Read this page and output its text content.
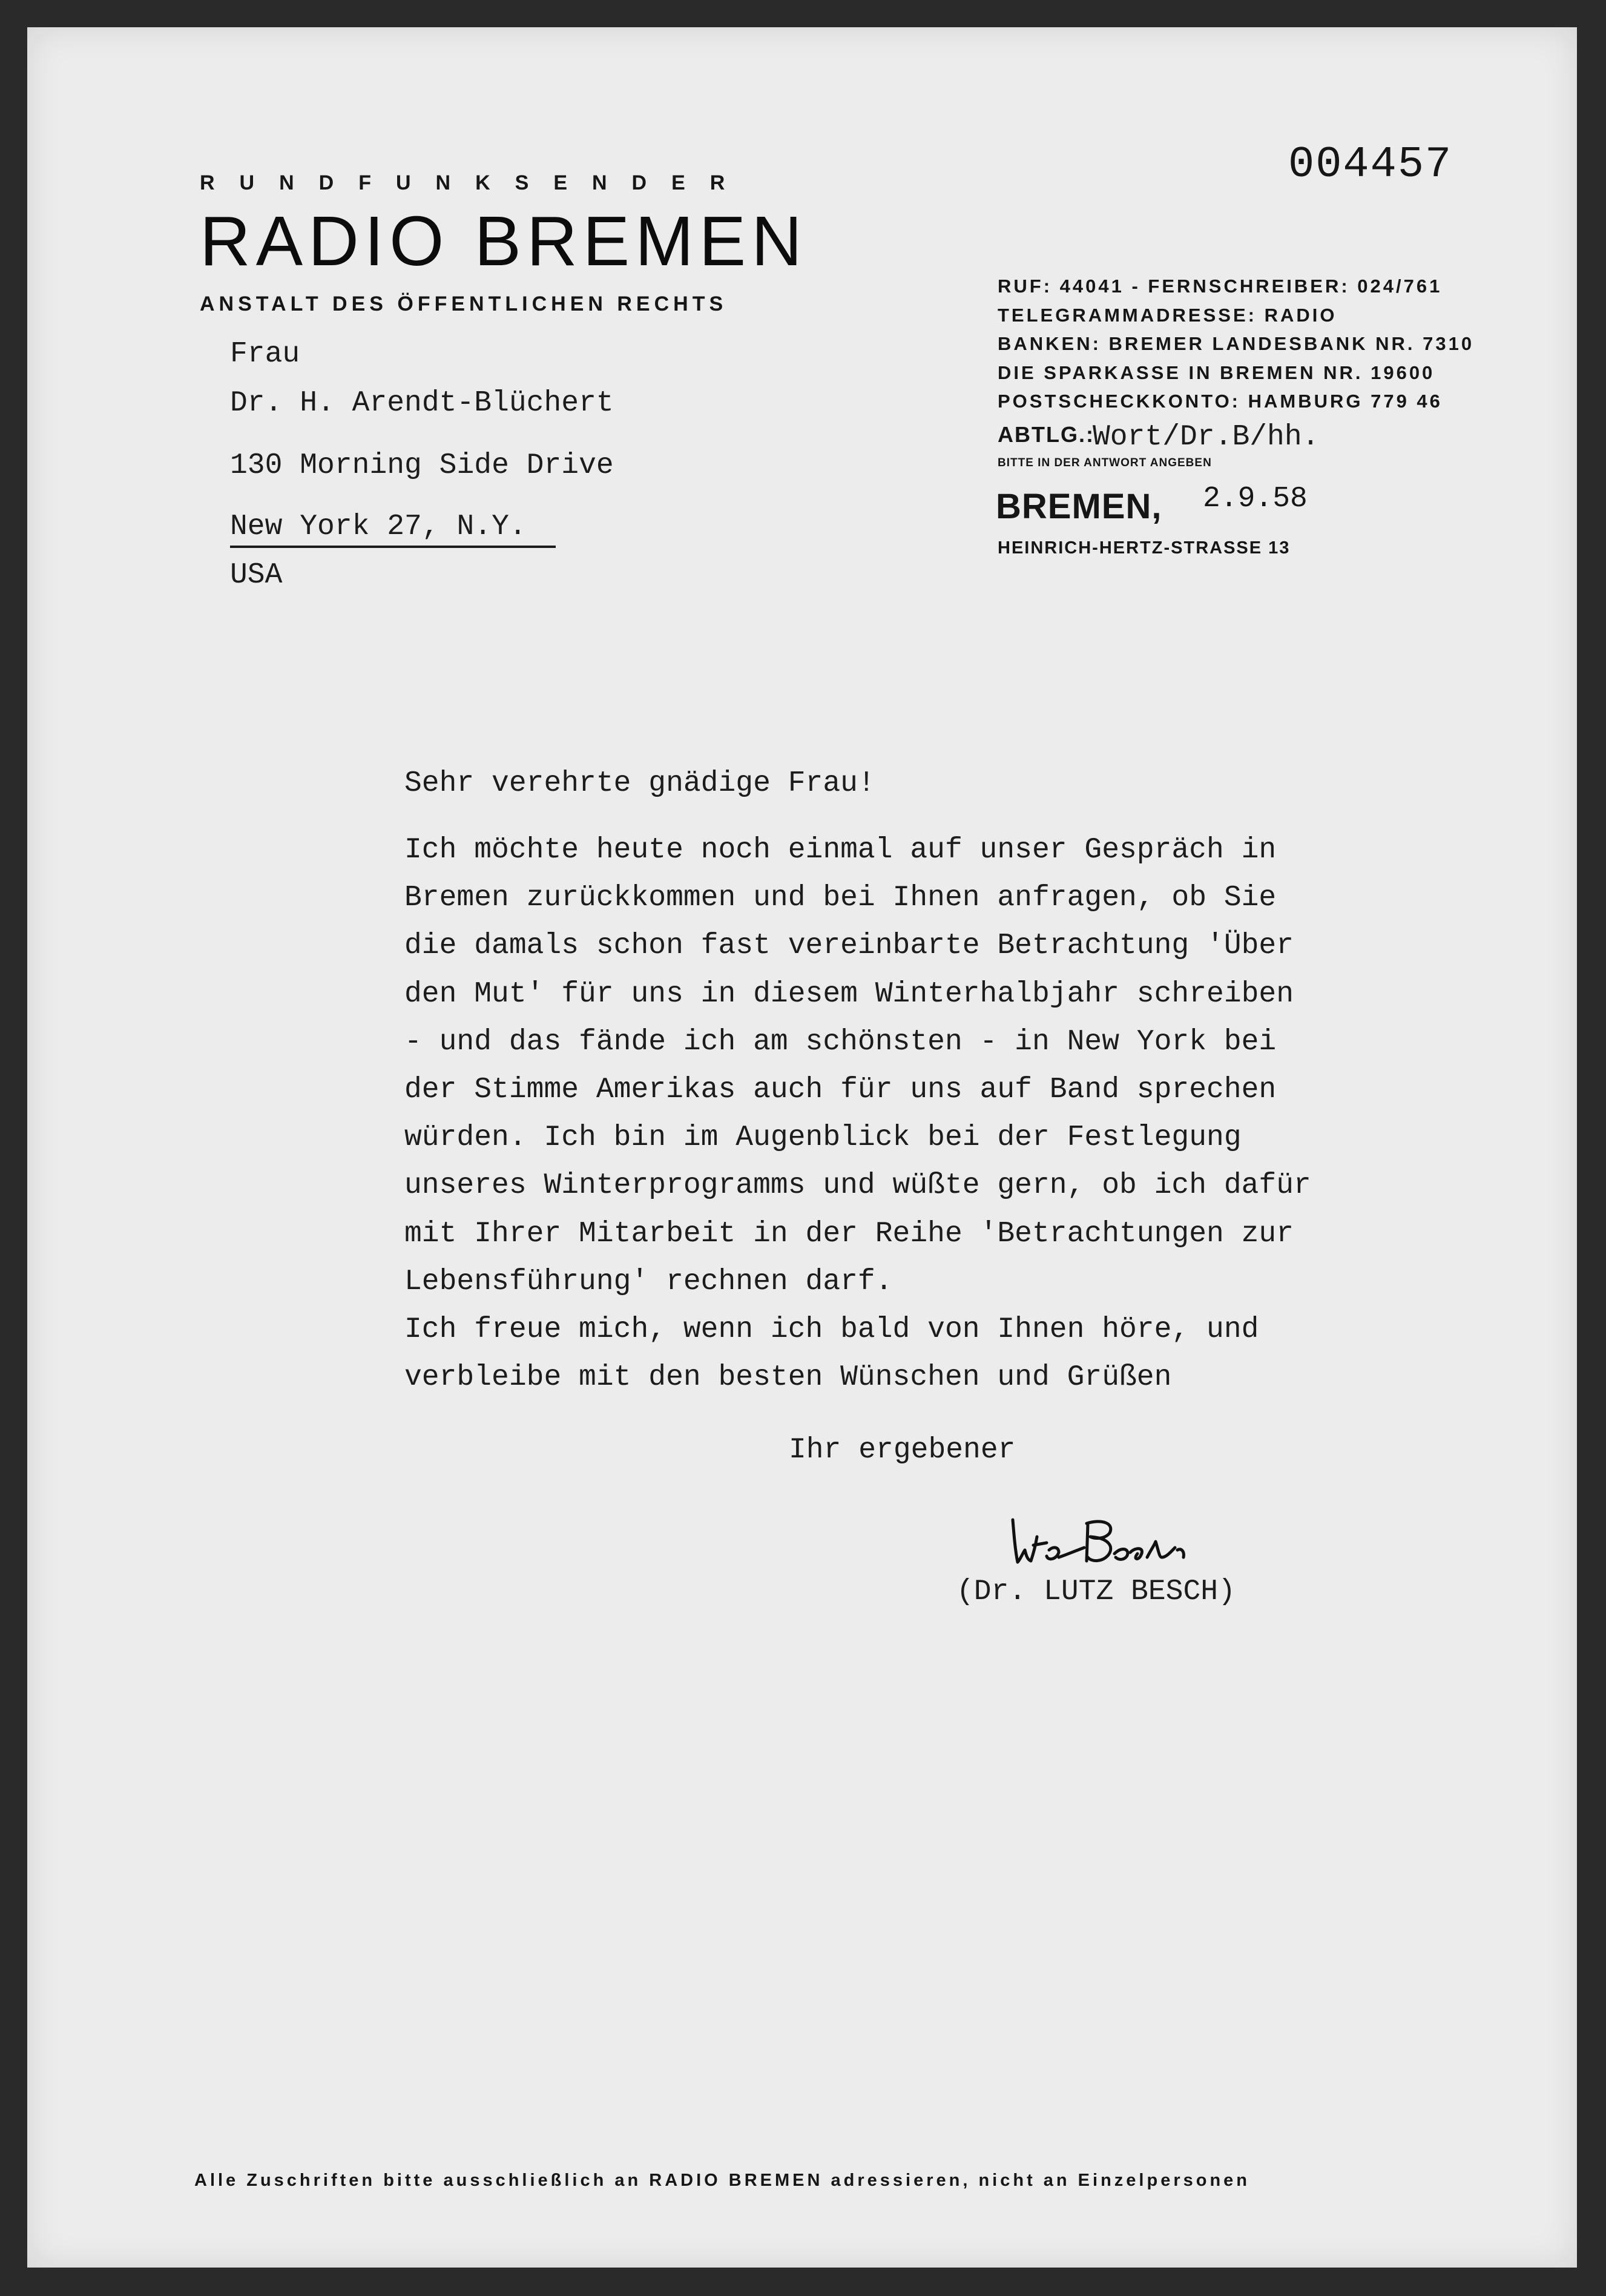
RUNDFUNKSENDER
RADIO BREMEN
ANSTALT DES ÖFFENTLICHEN RECHTS
004457
RUF: 44041 - FERNSCHREIBER: 024/761
TELEGRAMMADRESSE: RADIO
BANKEN: BREMER LANDESBANK NR. 7310
DIE SPARKASSE IN BREMEN NR. 19600
POSTSCHECKKONTO: HAMBURG 779 46
ABTLG.:
Wort/Dr.B/hh.
BITTE IN DER ANTWORT ANGEBEN
BREMEN, 2.9.58
HEINRICH-HERTZ-STRASSE 13
Frau
Dr. H. Arendt-Blüchert
130 Morning Side Drive
New York 27, N.Y.
USA
Sehr verehrte gnädige Frau!
Ich möchte heute noch einmal auf unser Gespräch in
Bremen zurückkommen und bei Ihnen anfragen, ob Sie
die damals schon fast vereinbarte Betrachtung 'Über
den Mut' für uns in diesem Winterhalbjahr schreiben
- und das fände ich am schönsten - in New York bei
der Stimme Amerikas auch für uns auf Band sprechen
würden. Ich bin im Augenblick bei der Festlegung
unseres Winterprogramms und wüßte gern, ob ich dafür
mit Ihrer Mitarbeit in der Reihe 'Betrachtungen zur
Lebensführung' rechnen darf.
Ich freue mich, wenn ich bald von Ihnen höre, und
verbleibe mit den besten Wünschen und Grüßen
Ihr ergebener
(Dr. LUTZ BESCH)
Alle Zuschriften bitte ausschließlich an RADIO BREMEN adressieren, nicht an Einzelpersonen
